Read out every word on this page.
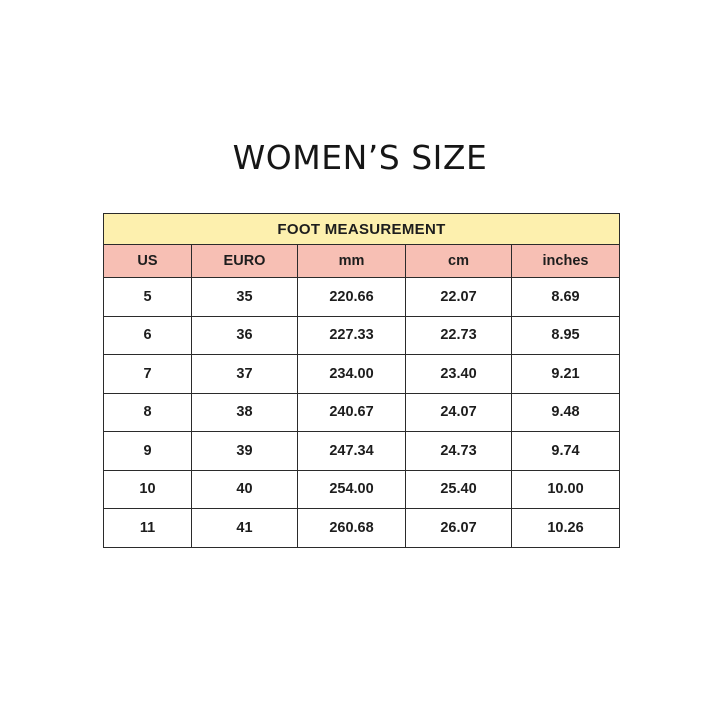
WOMEN’S SIZE
FOOT MEASUREMENT				
US	EURO	mm	cm	inches
5	35	220.66	22.07	8.69
6	36	227.33	22.73	8.95
7	37	234.00	23.40	9.21
8	38	240.67	24.07	9.48
9	39	247.34	24.73	9.74
10	40	254.00	25.40	10.00
11	41	260.68	26.07	10.26
